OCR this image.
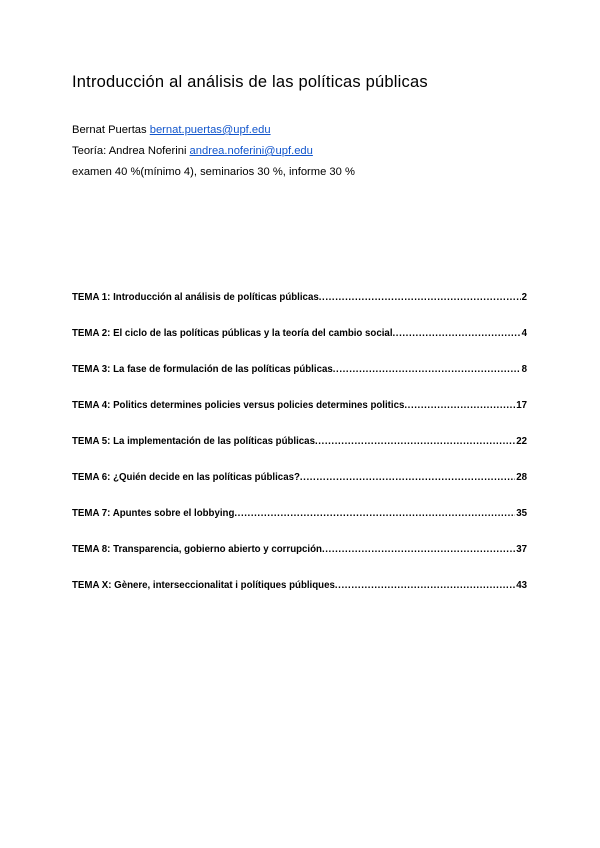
Introducción al análisis de las políticas públicas
Bernat Puertas bernat.puertas@upf.edu
Teoría: Andrea Noferini andrea.noferini@upf.edu
examen 40 %(mínimo 4), seminarios 30 %, informe 30 %
TEMA 1: Introducción al análisis de políticas públicas .....	2
TEMA 2: El ciclo de las políticas públicas y la teoría del cambio social .....	4
TEMA 3: La fase de formulación de las políticas públicas .....	8
TEMA 4: Politics determines policies versus policies determines politics .....	17
TEMA 5: La implementación de las políticas públicas .....	22
TEMA 6: ¿Quién decide en las políticas públicas? .....	28
TEMA 7: Apuntes sobre el lobbying .....	35
TEMA 8: Transparencia, gobierno abierto y corrupción .....	37
TEMA X: Gènere, interseccionalitat i polítiques públiques .....	43
